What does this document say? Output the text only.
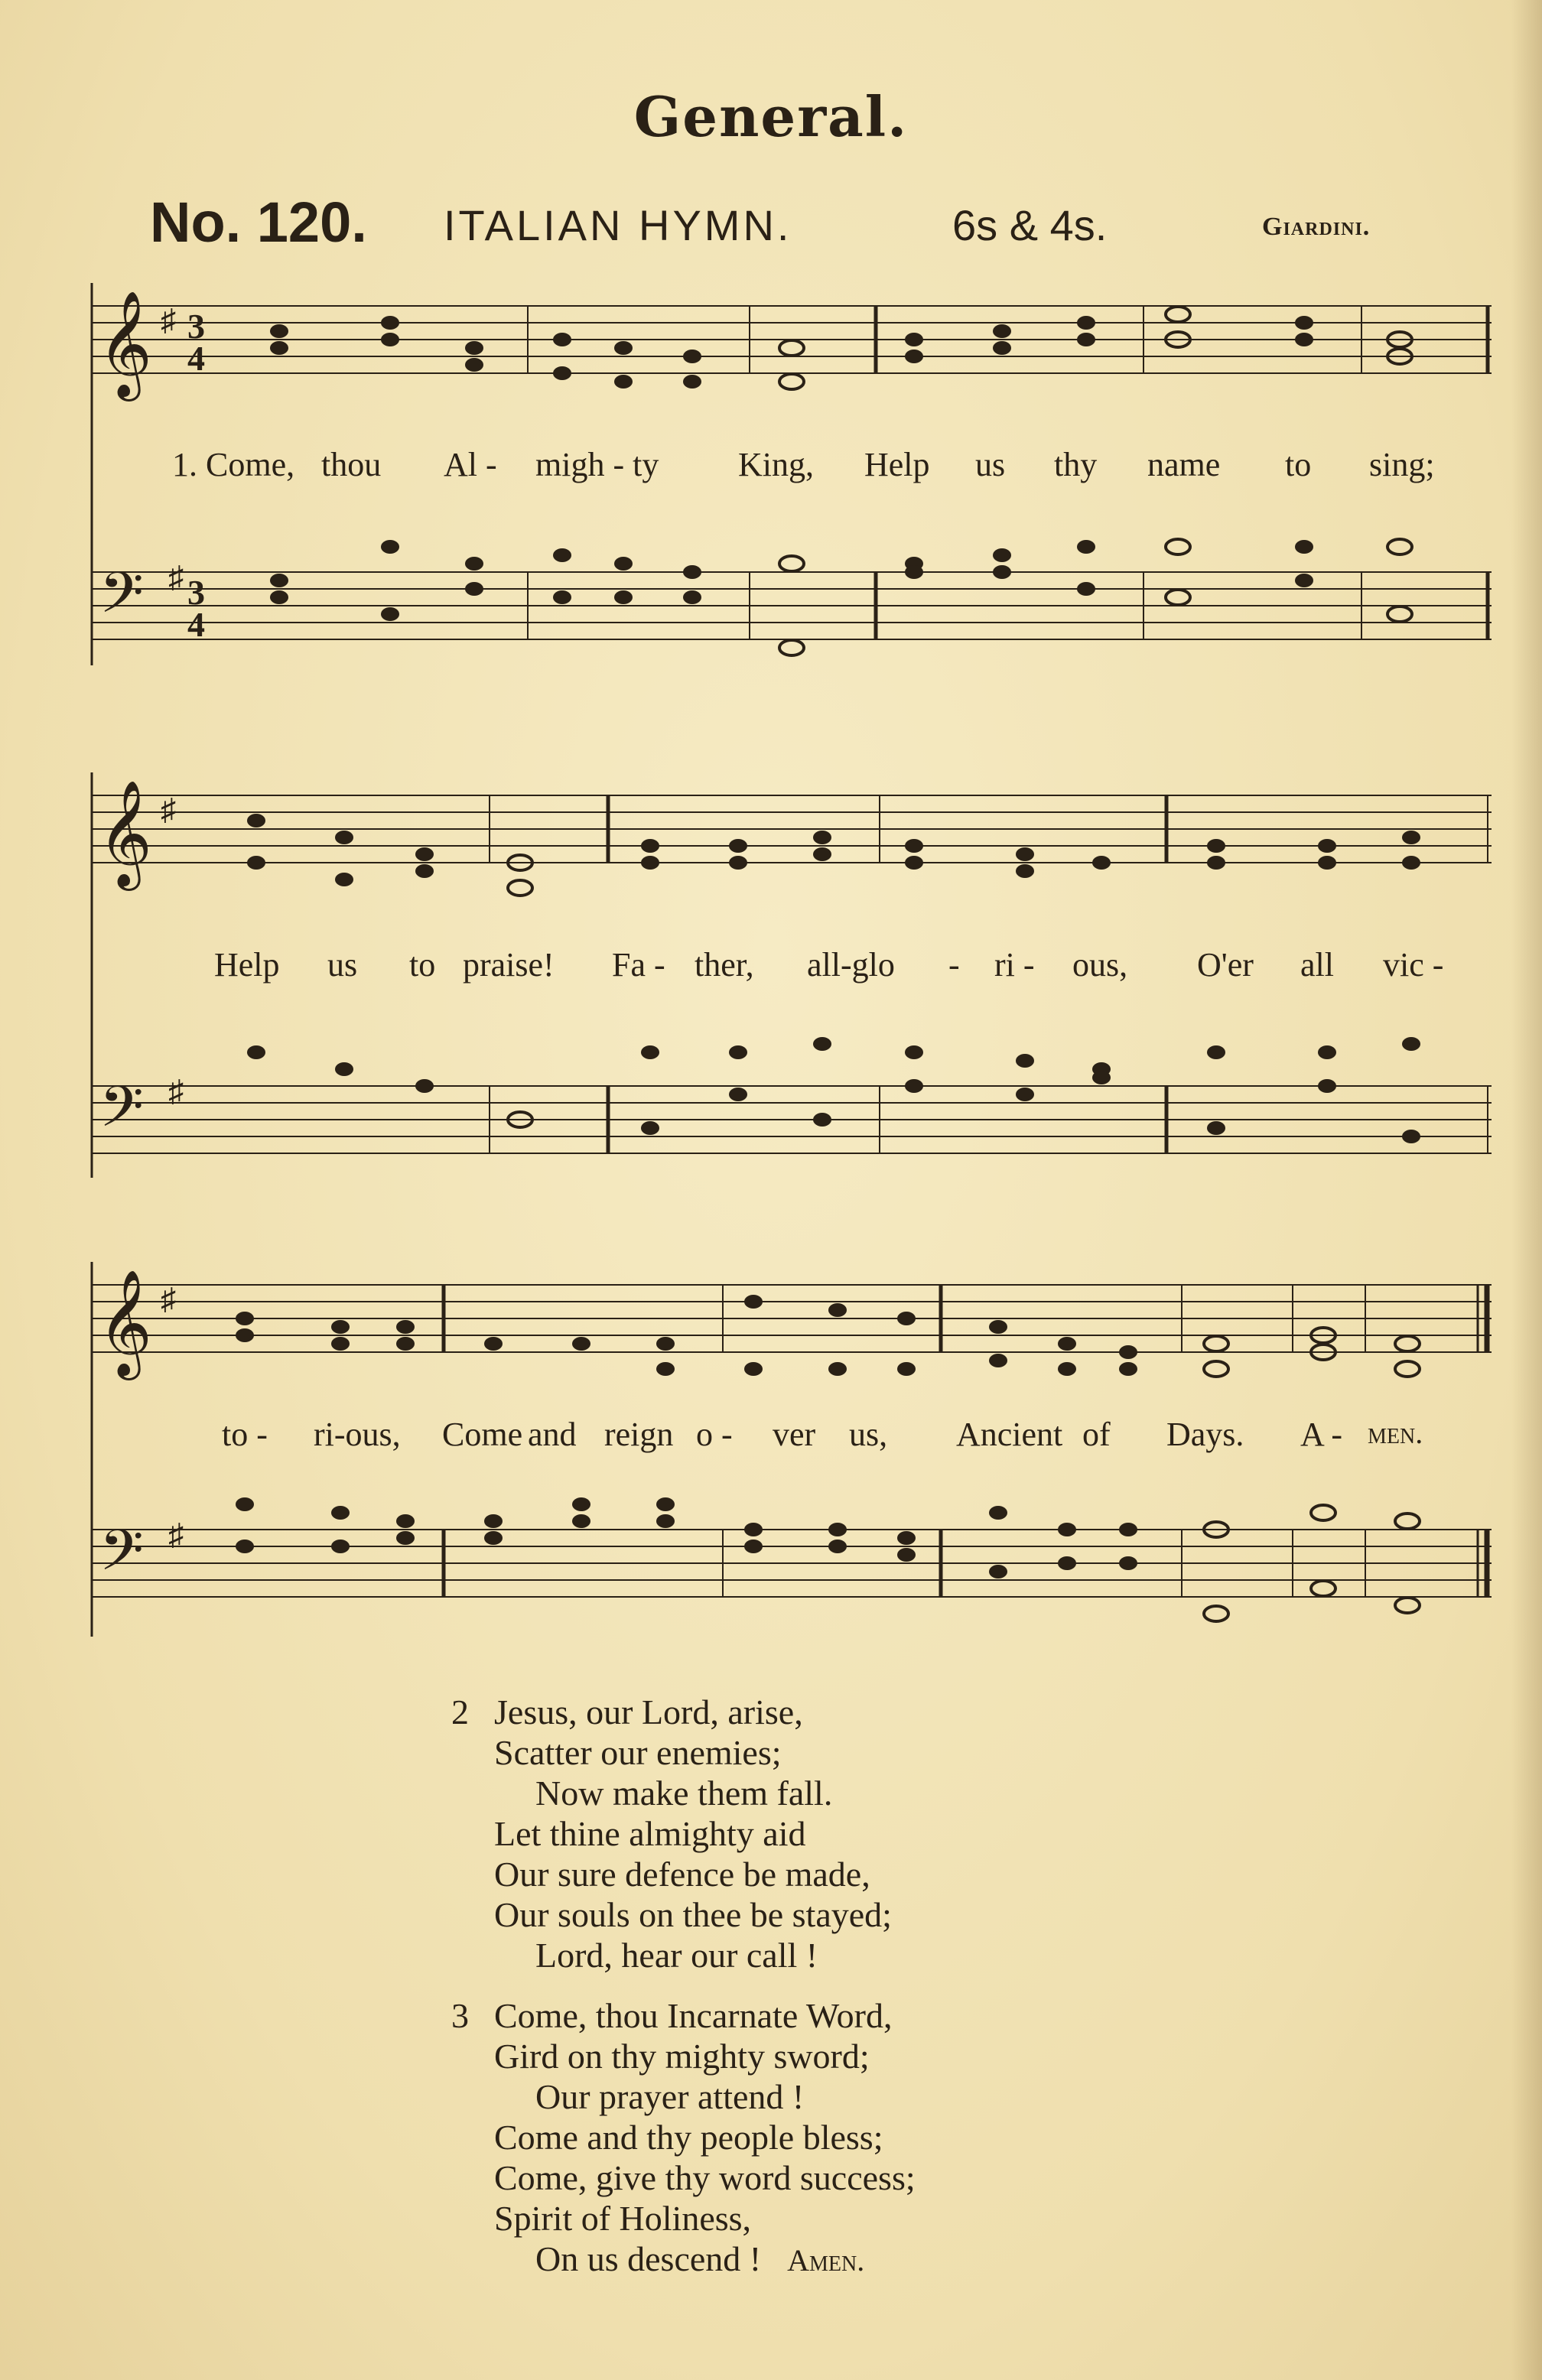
General.
No. 120. ITALIAN HYMN.	6s & 4s.	Giardini.
𝄞
𝄢
♯
♯
3
4
3
4

1. Come,

thou

Al -

migh - ty

King,

Help

us

thy

name

to

sing;

𝄞
𝄢
♯
♯

Help

us

to

praise!

Fa -

ther,

all-glo

-

ri -

ous,

O'er

all

vic -

𝄞
𝄢
♯
♯

to -

ri-ous,

Come

and

reign

o -

ver

us,

Ancient

of

Days.

A -

men.

2 Jesus, our Lord, arise,
Scatter our enemies;
Now make them fall.
Let thine almighty aid
Our sure defence be made,
Our souls on thee be stayed;
Lord, hear our call !
3 Come, thou Incarnate Word,
Gird on thy mighty sword;
Our prayer attend !
Come and thy people bless;
Come, give thy word success;
Spirit of Holiness,
On us descend ! Amen.
